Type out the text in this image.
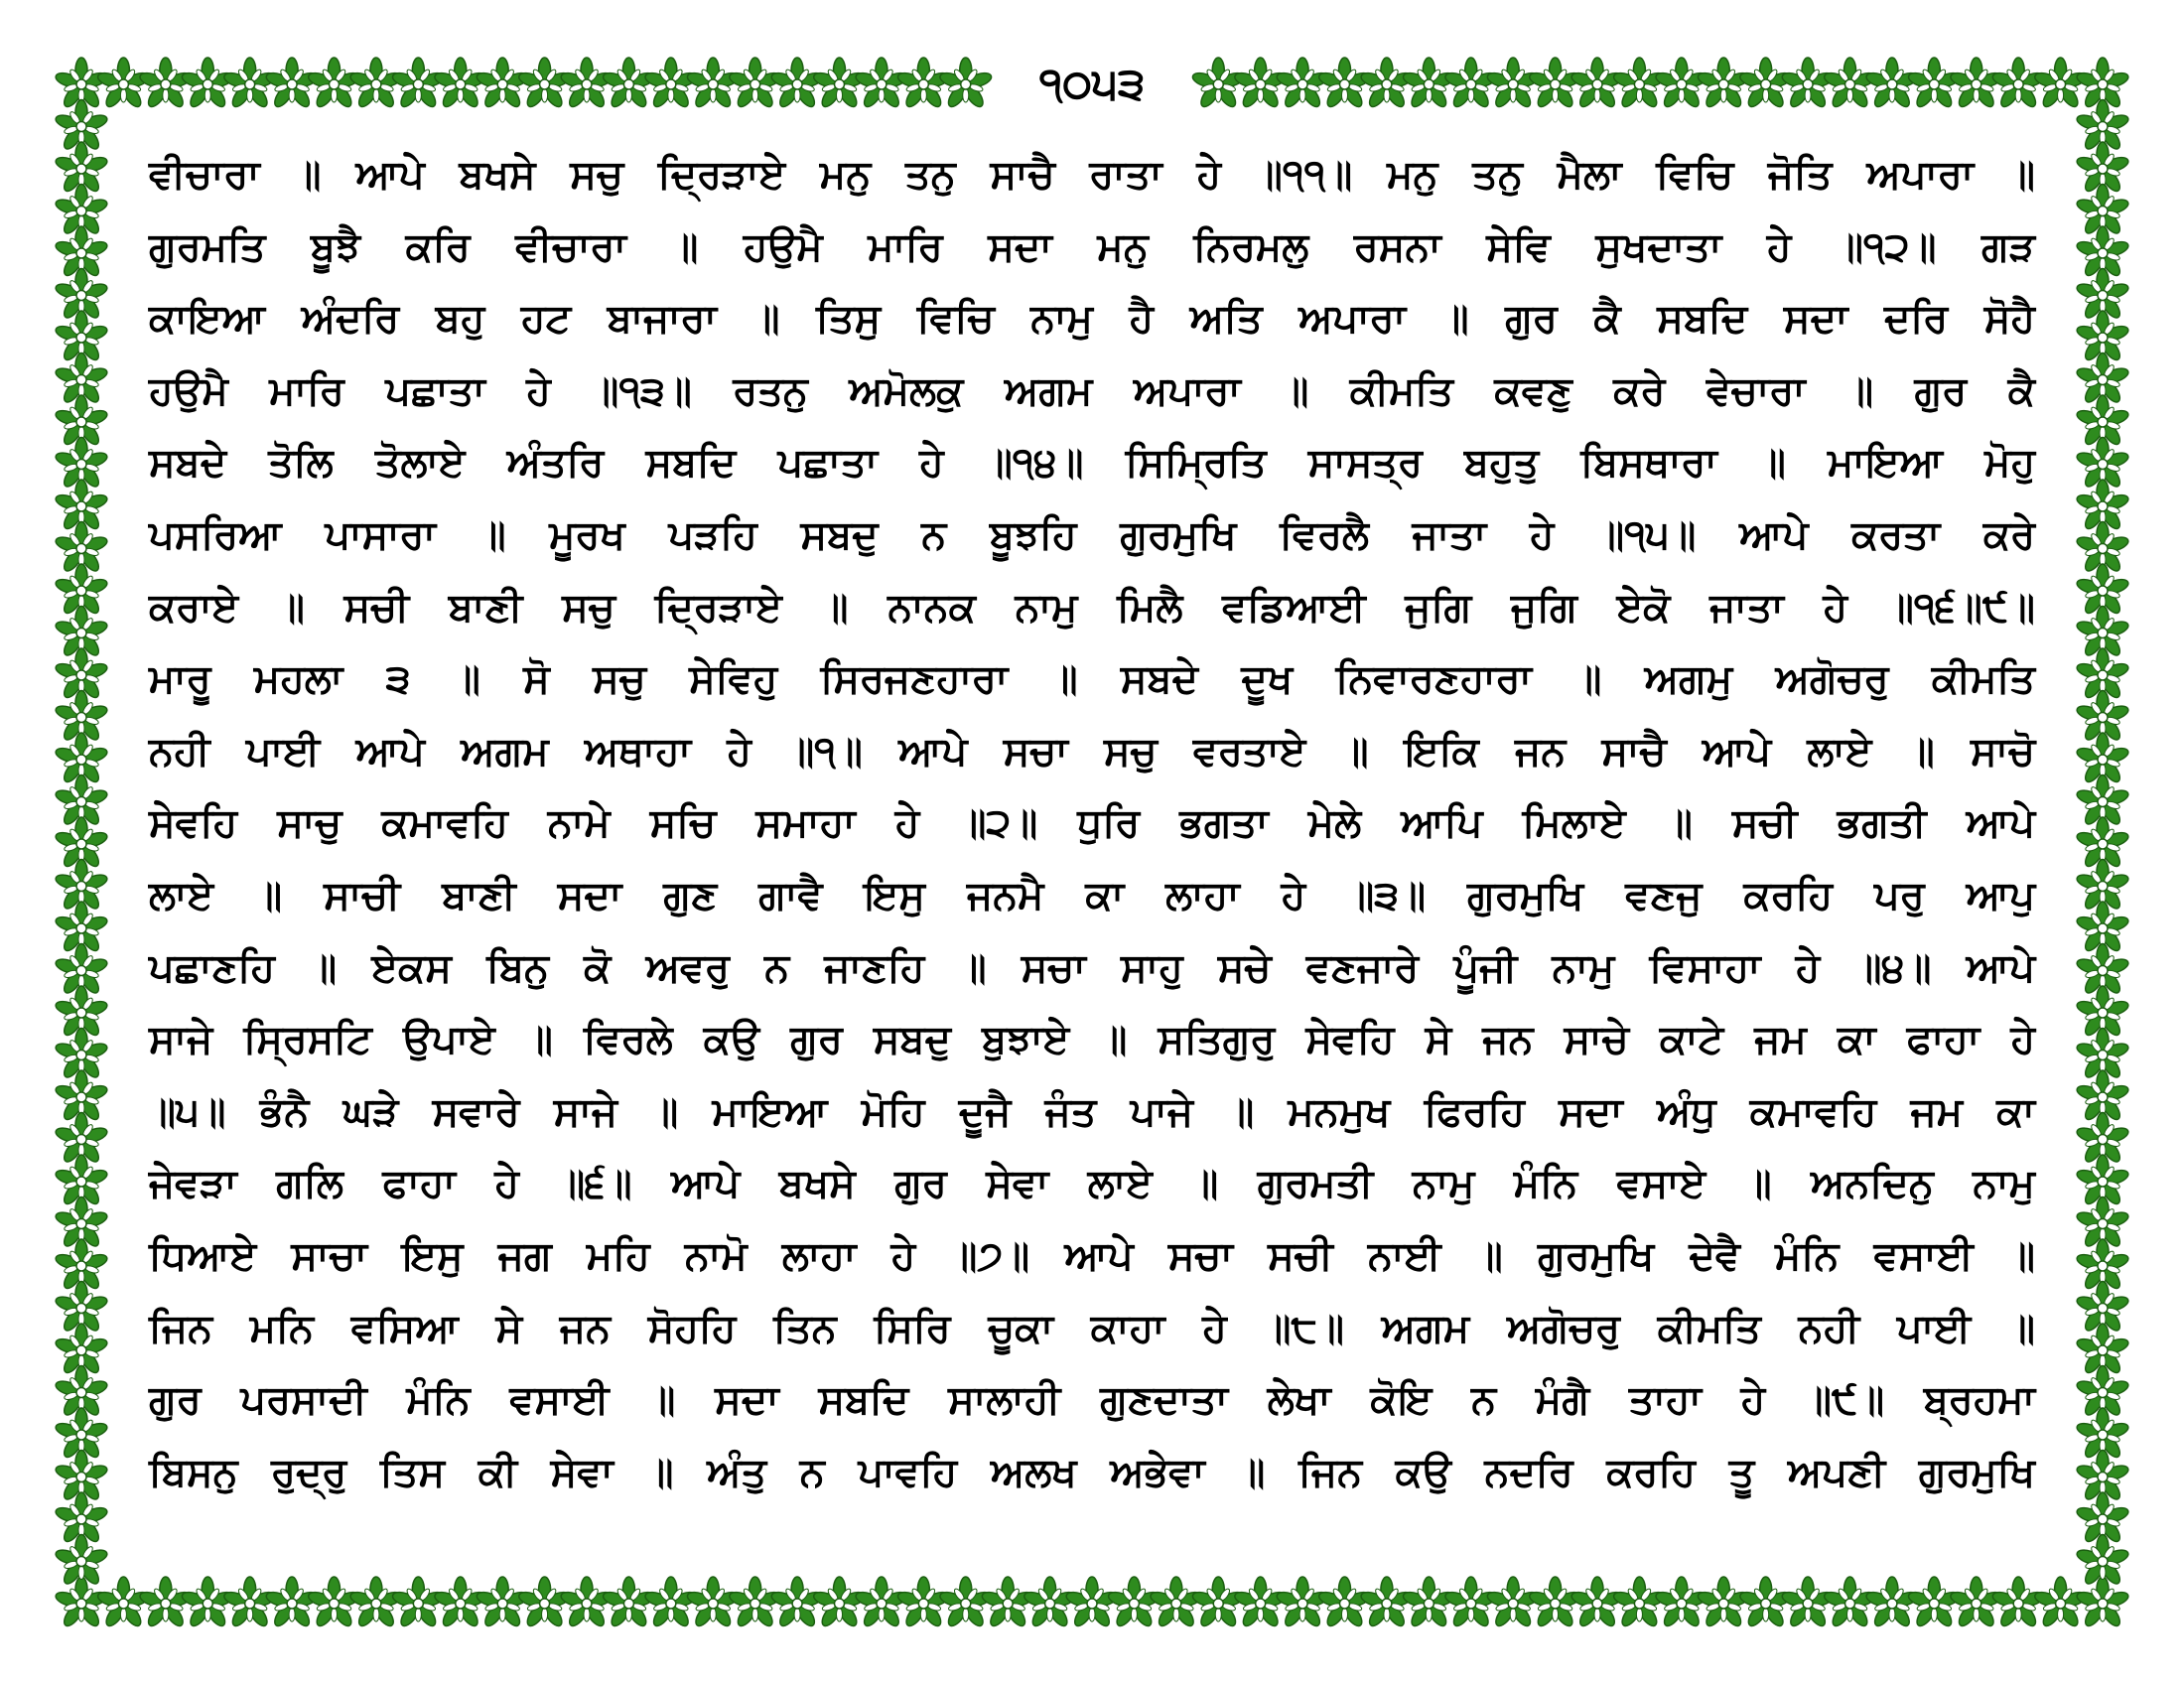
੧੦੫੩
ਵੀਚਾਰਾ ॥ ਆਪੇ ਬਖਸੇ ਸਚੁ ਦ੍ਰਿੜਾਏ ਮਨੁ ਤਨੁ ਸਾਚੈ ਰਾਤਾ ਹੇ ॥੧੧॥ ਮਨੁ ਤਨੁ ਮੈਲਾ ਵਿਚਿ ਜੋਤਿ ਅਪਾਰਾ ॥
ਗੁਰਮਤਿ ਬੂਝੈ ਕਰਿ ਵੀਚਾਰਾ ॥ ਹਉਮੈ ਮਾਰਿ ਸਦਾ ਮਨੁ ਨਿਰਮਲੁ ਰਸਨਾ ਸੇਵਿ ਸੁਖਦਾਤਾ ਹੇ ॥੧੨॥ ਗੜ
ਕਾਇਆ ਅੰਦਰਿ ਬਹੁ ਹਟ ਬਾਜਾਰਾ ॥ ਤਿਸੁ ਵਿਚਿ ਨਾਮੁ ਹੈ ਅਤਿ ਅਪਾਰਾ ॥ ਗੁਰ ਕੈ ਸਬਦਿ ਸਦਾ ਦਰਿ ਸੋਹੈ
ਹਉਮੈ ਮਾਰਿ ਪਛਾਤਾ ਹੇ ॥੧੩॥ ਰਤਨੁ ਅਮੋਲਕੁ ਅਗਮ ਅਪਾਰਾ ॥ ਕੀਮਤਿ ਕਵਣੁ ਕਰੇ ਵੇਚਾਰਾ ॥ ਗੁਰ ਕੈ
ਸਬਦੇ ਤੋਲਿ ਤੋਲਾਏ ਅੰਤਰਿ ਸਬਦਿ ਪਛਾਤਾ ਹੇ ॥੧੪॥ ਸਿਮ੍ਰਿਤਿ ਸਾਸਤ੍ਰ ਬਹੁਤੁ ਬਿਸਥਾਰਾ ॥ ਮਾਇਆ ਮੋਹੁ
ਪਸਰਿਆ ਪਾਸਾਰਾ ॥ ਮੂਰਖ ਪੜਹਿ ਸਬਦੁ ਨ ਬੂਝਹਿ ਗੁਰਮੁਖਿ ਵਿਰਲੈ ਜਾਤਾ ਹੇ ॥੧੫॥ ਆਪੇ ਕਰਤਾ ਕਰੇ
ਕਰਾਏ ॥ ਸਚੀ ਬਾਣੀ ਸਚੁ ਦ੍ਰਿੜਾਏ ॥ ਨਾਨਕ ਨਾਮੁ ਮਿਲੈ ਵਡਿਆਈ ਜੁਗਿ ਜੁਗਿ ਏਕੋ ਜਾਤਾ ਹੇ ॥੧੬॥੯॥
ਮਾਰੂ ਮਹਲਾ ੩ ॥ ਸੋ ਸਚੁ ਸੇਵਿਹੁ ਸਿਰਜਣਹਾਰਾ ॥ ਸਬਦੇ ਦੂਖ ਨਿਵਾਰਣਹਾਰਾ ॥ ਅਗਮੁ ਅਗੋਚਰੁ ਕੀਮਤਿ
ਨਹੀ ਪਾਈ ਆਪੇ ਅਗਮ ਅਥਾਹਾ ਹੇ ॥੧॥ ਆਪੇ ਸਚਾ ਸਚੁ ਵਰਤਾਏ ॥ ਇਕਿ ਜਨ ਸਾਚੈ ਆਪੇ ਲਾਏ ॥ ਸਾਚੋ
ਸੇਵਹਿ ਸਾਚੁ ਕਮਾਵਹਿ ਨਾਮੇ ਸਚਿ ਸਮਾਹਾ ਹੇ ॥੨॥ ਧੁਰਿ ਭਗਤਾ ਮੇਲੇ ਆਪਿ ਮਿਲਾਏ ॥ ਸਚੀ ਭਗਤੀ ਆਪੇ
ਲਾਏ ॥ ਸਾਚੀ ਬਾਣੀ ਸਦਾ ਗੁਣ ਗਾਵੈ ਇਸੁ ਜਨਮੈ ਕਾ ਲਾਹਾ ਹੇ ॥੩॥ ਗੁਰਮੁਖਿ ਵਣਜੁ ਕਰਹਿ ਪਰੁ ਆਪੁ
ਪਛਾਣਹਿ ॥ ਏਕਸ ਬਿਨੁ ਕੋ ਅਵਰੁ ਨ ਜਾਣਹਿ ॥ ਸਚਾ ਸਾਹੁ ਸਚੇ ਵਣਜਾਰੇ ਪੂੰਜੀ ਨਾਮੁ ਵਿਸਾਹਾ ਹੇ ॥੪॥ ਆਪੇ
ਸਾਜੇ ਸ੍ਰਿਸਟਿ ਉਪਾਏ ॥ ਵਿਰਲੇ ਕਉ ਗੁਰ ਸਬਦੁ ਬੁਝਾਏ ॥ ਸਤਿਗੁਰੁ ਸੇਵਹਿ ਸੇ ਜਨ ਸਾਚੇ ਕਾਟੇ ਜਮ ਕਾ ਫਾਹਾ ਹੇ
॥੫॥ ਭੰਨੈ ਘੜੇ ਸਵਾਰੇ ਸਾਜੇ ॥ ਮਾਇਆ ਮੋਹਿ ਦੂਜੈ ਜੰਤ ਪਾਜੇ ॥ ਮਨਮੁਖ ਫਿਰਹਿ ਸਦਾ ਅੰਧੁ ਕਮਾਵਹਿ ਜਮ ਕਾ
ਜੇਵੜਾ ਗਲਿ ਫਾਹਾ ਹੇ ॥੬॥ ਆਪੇ ਬਖਸੇ ਗੁਰ ਸੇਵਾ ਲਾਏ ॥ ਗੁਰਮਤੀ ਨਾਮੁ ਮੰਨਿ ਵਸਾਏ ॥ ਅਨਦਿਨੁ ਨਾਮੁ
ਧਿਆਏ ਸਾਚਾ ਇਸੁ ਜਗ ਮਹਿ ਨਾਮੋ ਲਾਹਾ ਹੇ ॥੭॥ ਆਪੇ ਸਚਾ ਸਚੀ ਨਾਈ ॥ ਗੁਰਮੁਖਿ ਦੇਵੈ ਮੰਨਿ ਵਸਾਈ ॥
ਜਿਨ ਮਨਿ ਵਸਿਆ ਸੇ ਜਨ ਸੋਹਹਿ ਤਿਨ ਸਿਰਿ ਚੂਕਾ ਕਾਹਾ ਹੇ ॥੮॥ ਅਗਮ ਅਗੋਚਰੁ ਕੀਮਤਿ ਨਹੀ ਪਾਈ ॥
ਗੁਰ ਪਰਸਾਦੀ ਮੰਨਿ ਵਸਾਈ ॥ ਸਦਾ ਸਬਦਿ ਸਾਲਾਹੀ ਗੁਣਦਾਤਾ ਲੇਖਾ ਕੋਇ ਨ ਮੰਗੈ ਤਾਹਾ ਹੇ ॥੯॥ ਬ੍ਰਹਮਾ
ਬਿਸਨੁ ਰੁਦ੍ਰੁ ਤਿਸ ਕੀ ਸੇਵਾ ॥ ਅੰਤੁ ਨ ਪਾਵਹਿ ਅਲਖ ਅਭੇਵਾ ॥ ਜਿਨ ਕਉ ਨਦਰਿ ਕਰਹਿ ਤੂ ਅਪਣੀ ਗੁਰਮੁਖਿ
